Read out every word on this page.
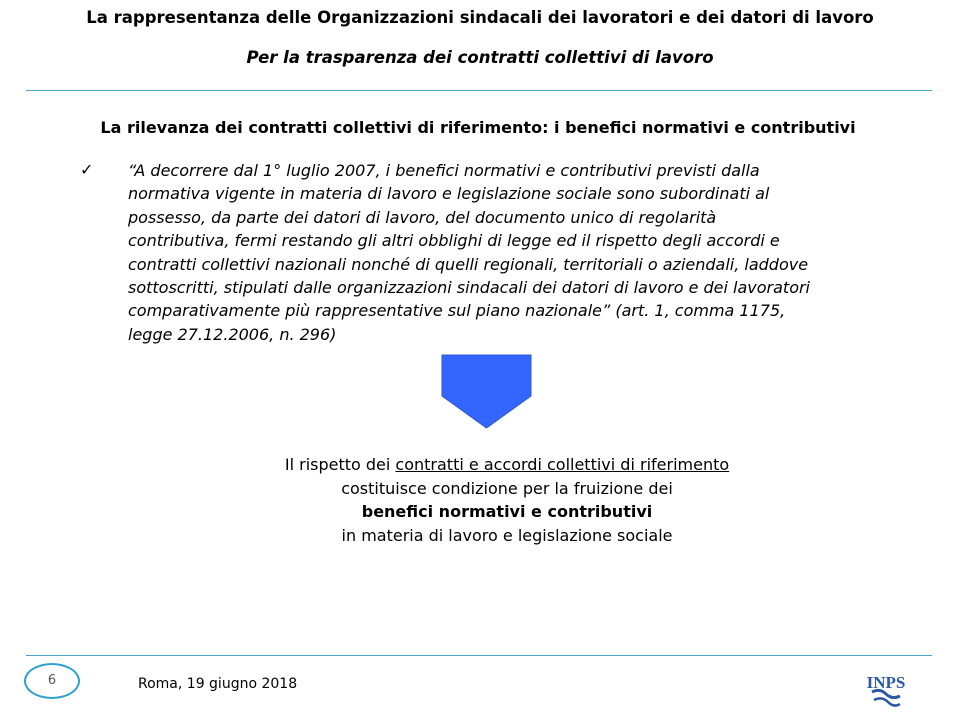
La rappresentanza delle Organizzazioni sindacali dei lavoratori e dei datori di lavoro
Per la trasparenza dei contratti collettivi di lavoro
La rilevanza dei contratti collettivi di riferimento: i benefici normativi e contributivi
✓ “A decorrere dal 1° luglio 2007, i benefici normativi e contributivi previsti dalla
normativa vigente in materia di lavoro e legislazione sociale sono subordinati al
possesso, da parte dei datori di lavoro, del documento unico di regolarità
contributiva, fermi restando gli altri obblighi di legge ed il rispetto degli accordi e
contratti collettivi nazionali nonché di quelli regionali, territoriali o aziendali, laddove
sottoscritti, stipulati dalle organizzazioni sindacali dei datori di lavoro e dei lavoratori
comparativamente più rappresentative sul piano nazionale” (art. 1, comma 1175,
legge 27.12.2006, n. 296)
Il rispetto dei contratti e accordi collettivi di riferimento
costituisce condizione per la fruizione dei
benefici normativi e contributivi
in materia di lavoro e legislazione sociale
6	Roma, 19 giugno 2018	INPS
